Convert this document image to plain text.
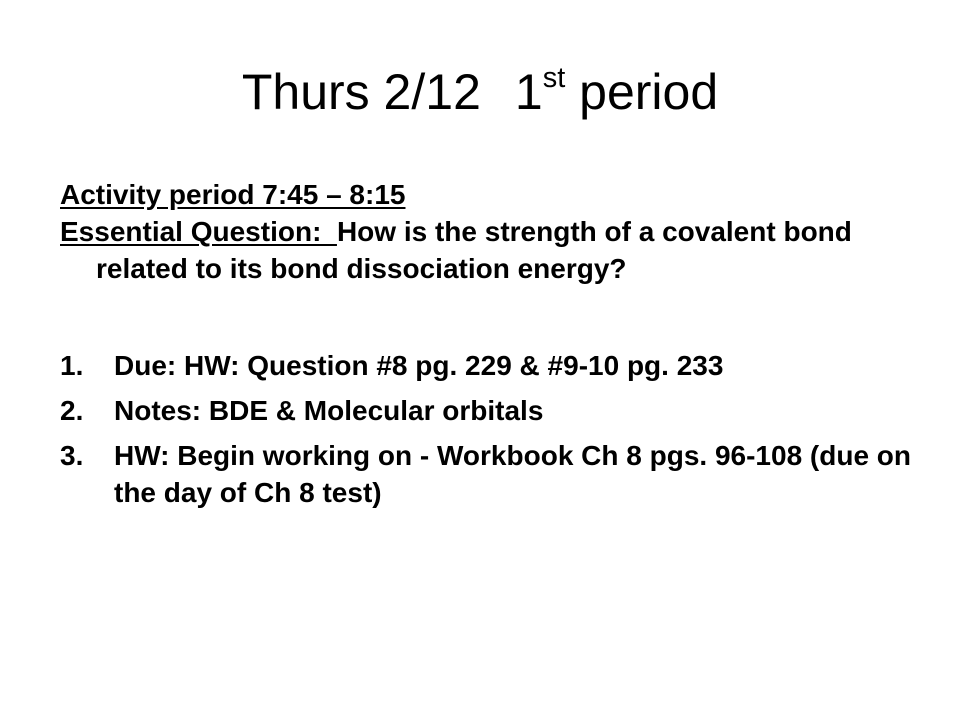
Thurs 2/12 1st period

Activity period 7:45 – 8:15

Essential Question:  How is the strength of a covalent bond related to its bond dissociation energy?

1. Due: HW: Question #8 pg. 229 & #9-10 pg. 233
2. Notes: BDE & Molecular orbitals
3. HW: Begin working on - Workbook Ch 8 pgs. 96-108 (due on the day of Ch 8 test)
